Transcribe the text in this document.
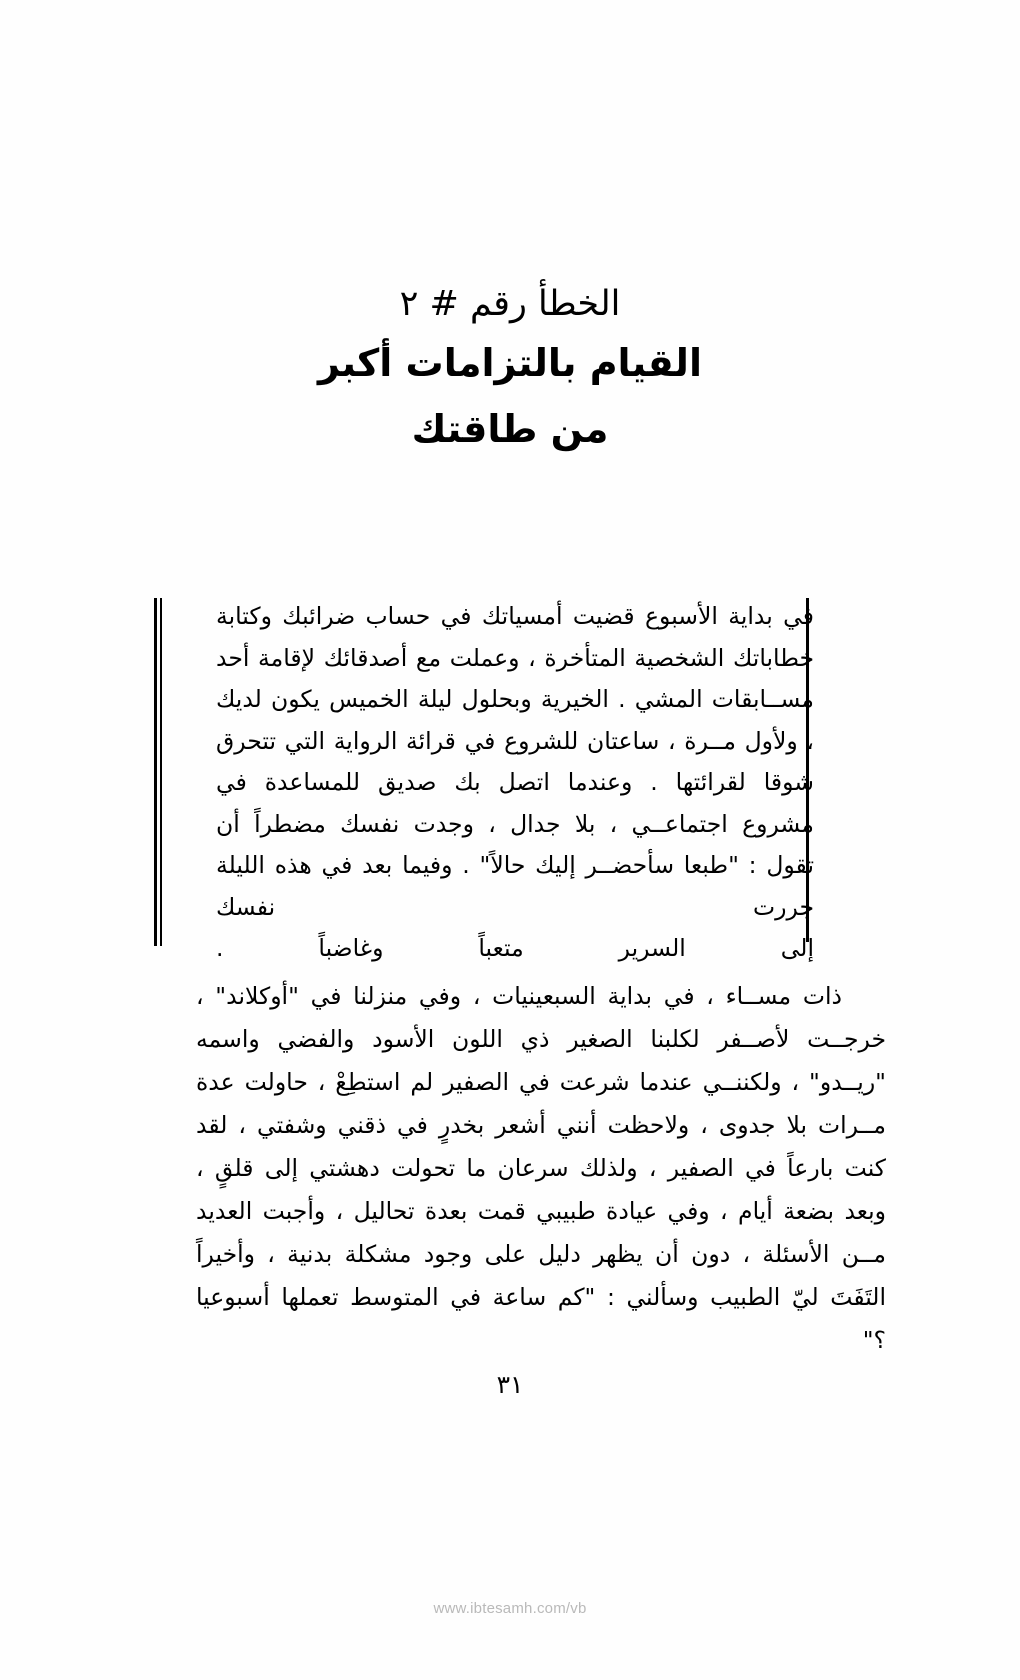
الخطأ رقم # ٢
القيام بالتزامات أكبر
من طاقتك
في بداية الأسبوع قضيت أمسياتك في حساب ضرائبك وكتابة خطاباتك الشخصية المتأخرة ، وعملت مع أصدقائك لإقامة أحد مســابقات المشي . الخيرية وبحلول ليلة الخميس يكون لديك ، ولأول مــرة ، ساعتان للشروع في قرائة الرواية التي تتحرق شوقا لقرائتها . وعندما اتصل بك صديق للمساعدة في مشروع اجتماعــي ، بلا جدال ، وجدت نفسك مضطراً أن تقول : "طبعا سأحضــر إليك حالاً" . وفيما بعد في هذه الليلة جررت نفسك
إلى السرير متعباً وغاضباً .
ذات مســاء ، في بداية السبعينيات ، وفي منزلنا في "أوكلاند" ، خرجــت لأصــفر لكلبنا الصغير ذي اللون الأسود والفضي واسمه "ريــدو" ، ولكننــي عندما شرعت في الصفير لم استطِعْ ، حاولت عدة مــرات بلا جدوى ، ولاحظت أنني أشعر بخدرٍ في ذقني وشفتي ، لقد كنت بارعاً في الصفير ، ولذلك سرعان ما تحولت دهشتي إلى قلقٍ ، وبعد بضعة أيام ، وفي عيادة طبيبي قمت بعدة تحاليل ، وأجبت العديد مــن الأسئلة ، دون أن يظهر دليل على وجود مشكلة بدنية ، وأخيراً التَفَتَ ليّ الطبيب وسألني : "كم ساعة في المتوسط تعملها أسبوعيا ؟"
٣١
www.ibtesamh.com/vb
